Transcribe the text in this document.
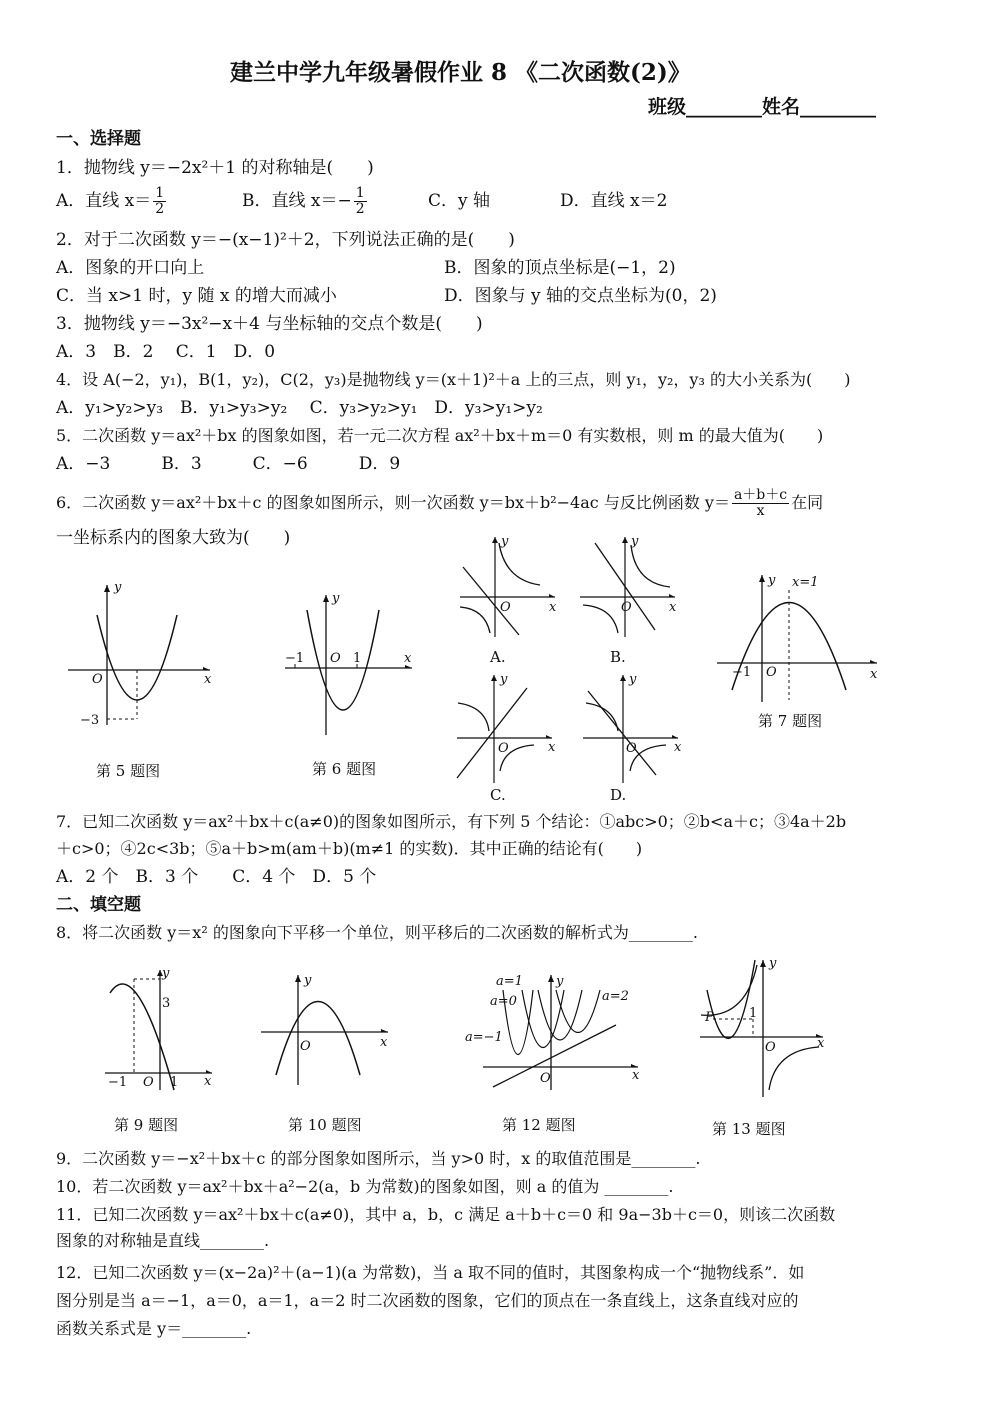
建兰中学九年级暑假作业 8 《二次函数(2)》
班级________姓名________
一、选择题
1．抛物线 y＝−2x²＋1 的对称轴是(　　)
A．直线 $x= \frac{1}{2}$	B．直线 $x=- \frac{1}{2}$	C．y 轴	D．直线 x＝2
2．对于二次函数 y＝−(x−1)²＋2，下列说法正确的是(　　)
A．图象的开口向上	B．图象的顶点坐标是(−1，2)
C．当 x>1 时，y 随 x 的增大而减小	D．图象与 y 轴的交点坐标为(0，2)
3．抛物线 y＝−3x²−x＋4 与坐标轴的交点个数是(　　)
A．3　B．2　 C．1　D．0
4．设 A(−2，y₁)，B(1，y₂)，C(2，y₃)是抛物线 y＝(x＋1)²＋a 上的三点，则 y₁，y₂，y₃ 的大小关系为(　　)
A．y₁>y₂>y₃　B．y₁>y₃>y₂　 C．y₃>y₂>y₁　D．y₃>y₁>y₂
5．二次函数 y＝ax²＋bx 的图象如图，若一元二次方程 ax²＋bx＋m＝0 有实数根，则 m 的最大值为(　　)
A．−3　　　B．3　　　C．−6　　　D．9
6．二次函数 y＝ax²＋bx＋c 的图象如图所示，则一次函数 y＝bx＋b²−4ac 与反比例函数 $y= \frac{a+b+c}{x}$ 在同
一坐标系内的图象大致为(　　)
y
x
O
−3
第 5 题图
y
x
−1 O 1
第 6 题图
y
x
O
A.
y
x
O
B.
y
x
O
C.
y
x
O
D.
y x=1
x
−1 O
第 7 题图
7．已知二次函数 y＝ax²＋bx＋c(a≠0)的图象如图所示，有下列 5 个结论：①abc>0；②b<a＋c；③4a＋2b
＋c>0；④2c<3b；⑤a＋b>m(am＋b)(m≠1 的实数)．其中正确的结论有(　　)
A．2 个　B．3 个　　C．4 个　D．5 个
二、填空题
8．将二次函数 y＝x² 的图象向下平移一个单位，则平移后的二次函数的解析式为________.
y
3
−1 O 1 x
第 9 题图
y
x
O
第 10 题图
y
x
O
a=1
a=0
a=−1
a=2
第 12 题图
y
P	1
x
O
第 13 题图
9．二次函数 y＝−x²＋bx＋c 的部分图象如图所示，当 y>0 时，x 的取值范围是________.
10．若二次函数 y＝ax²＋bx＋a²−2(a，b 为常数)的图象如图，则 a 的值为 ________.
11．已知二次函数 y＝ax²＋bx＋c(a≠0)，其中 a，b，c 满足 a＋b＋c＝0 和 9a−3b＋c＝0，则该二次函数
图象的对称轴是直线________.
12．已知二次函数 y＝(x−2a)²＋(a−1)(a 为常数)，当 a 取不同的值时，其图象构成一个“抛物线系”．如
图分别是当 a＝−1，a＝0，a＝1，a＝2 时二次函数的图象，它们的顶点在一条直线上，这条直线对应的
函数关系式是 y＝________.
